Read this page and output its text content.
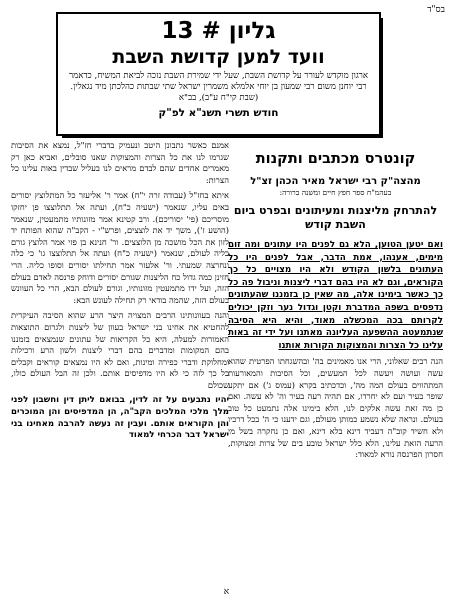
בס"ד
גליון # 13
וועד למען קדושת השבת
ארגון מוקדש לעורר על קדושת השבת, שעל ידי שמירת השבת נזכה לביאת המשיח, כדאמר רבי יוחנן משום רבי שמעון בן יוחי אלמלא משמרין ישראל שתי שבתות כהלכתן מיד נגאלין. (שבת קי"ח ע"ב), בב"א
חודש תשרי תשנ"א לפ"ק
קונטרס מכתבים ותקנות
מהצה"ק רבי ישראל מאיר הכהן זצ"ל
בעהמ"ח ספר חפץ חיים ומשנה ברורה:
להתרחק מליצנות ומעיתונים ובפרט ביום השבת קודש
ואם יטען הטוען, הלא גם לפנים היו עתונים ומה זום מימים, אענהו, אמת הדבר, אבל לפנים היו כל העתונים בלשון הקודש ולא היו מצויים כל כך הקוראים, וגם לא היו בהם דברי ליצנות וניבול פה כל כך כאשר בימינו אלה, מה שאין כן בזמננו שהעתונים נדפסים בשפה המדברת וקטן וגדול נער וזקן יכולים לקרותם בכה המכשלה מאוד, והיא היא הסיבה שנתמעטה ההשפעה העליונה מאתנו ועל ידי זה באות עלינו כל הצרות והמצוקות הקורות אותנו
הנה רבים שאלוני, הרי אנו מאמינים בה' ובהשגחתו הפרטית שהוא עשה ועושה ויעשה לכל המעשים, וכל הסיבות והמאורעות המתהווים בעולם המה מה', וכדכתיב בקרא (עמוס ג') אם יתקע שופר בעיר ועם לא יחרדו, אם תהיה רעה בעיר וה' לא עשה. ואם כן מה זאת עשה אלקים לנו, הלא בימינו אלה נתמעט כל טוב בעולם. ונראה שלא נשמע כמותן מעולם, וגם ידענו כי ה' בכל דרכיו ולא חשיד קוב"ה דעביד דינא בלא דינא, ואם כן נחקרה בשל מי הרעה הזאת עלינו, הלא כלל ישראל טובע בים של צרות ומצוקות, חסרון הפרנסה נורא למאוד:

אמנם כאשר נתבונן היטב ונעמיק בדברי חז"ל, נמצא את הסיבות שגרמו לנו את כל הצרות והמצוקות שאנו סובלים, ואביא כאן רק מאמרים אחדים שהם לבדם מראים לנו בעליל שבדין באות עלינו כל הצרות:

איתא בחז"ל (עבודה זרה י"ח) אמר ר' אליעזר כל המתלוצץ יסורים באים עליו, שנאמר (ישעיה כ"ח), ועתה אל תתלוצצו פן יחזקו מוסריכם (פי' יסוריכם). ורב קטינא אמר מזונותיו מתמעטין, שנאמר (הושע ז'), משך יד את לוצצים, ופרש"י - הקב"ה שהוא הפותח יד לזון את הכל מושכה מן הלוצצים. ור' חנינא בן פזי אמר הלוצץ גורם כליה לעולם, שנאמר (ישעיה כ"ח) ועתה אל תתלוצצו גו' כי כלה ונחרצה שמעתי. ור' אלעזר אמר תחילתו יסורים וסופו כליה. הרי חזינן כמה גדול כח הליצנות שגורם יסורים ודוחק פרנסה לאדם בעולם הזה, ועל ידו מתמעטין מזונותיו, וגורם לעולם הבא, הרי כל העוונש בעולם הזה, שהמה בודאי רק תחילה לעונש הבא:

והנה בעוונותינו הרבים המצויה היצר הרע שהוא הסיבה העיקרית להחטיא את אחינו בני ישראל בעוון של ליצנות ולגרום התוצאות האמורות למעלה, היא כל הקריאות של עתונים שנמצאים בזמננו בהם המקומות ומדברים בהם דברי ליצנות ולשון הרע ורכילות ומחלוקת ודברי כפירה ומינות, ואם לא היו נמצאים קוראים וקבלים כל כך לזה כי לא היו מדפיסים אותם. ולכן זה הבל העולם כולו, שכולם

יהיו נתבעים על זה לדין, בבואם ליתן דין וחשבון לפני מלך מלכי המלכים הקב"ה, הן המדפיסים והן המוכרים והן הקוראים אותם. ועבין זה נעשה להרבה מאחינו בני ישראל דבר הכרחי למאוד

א
